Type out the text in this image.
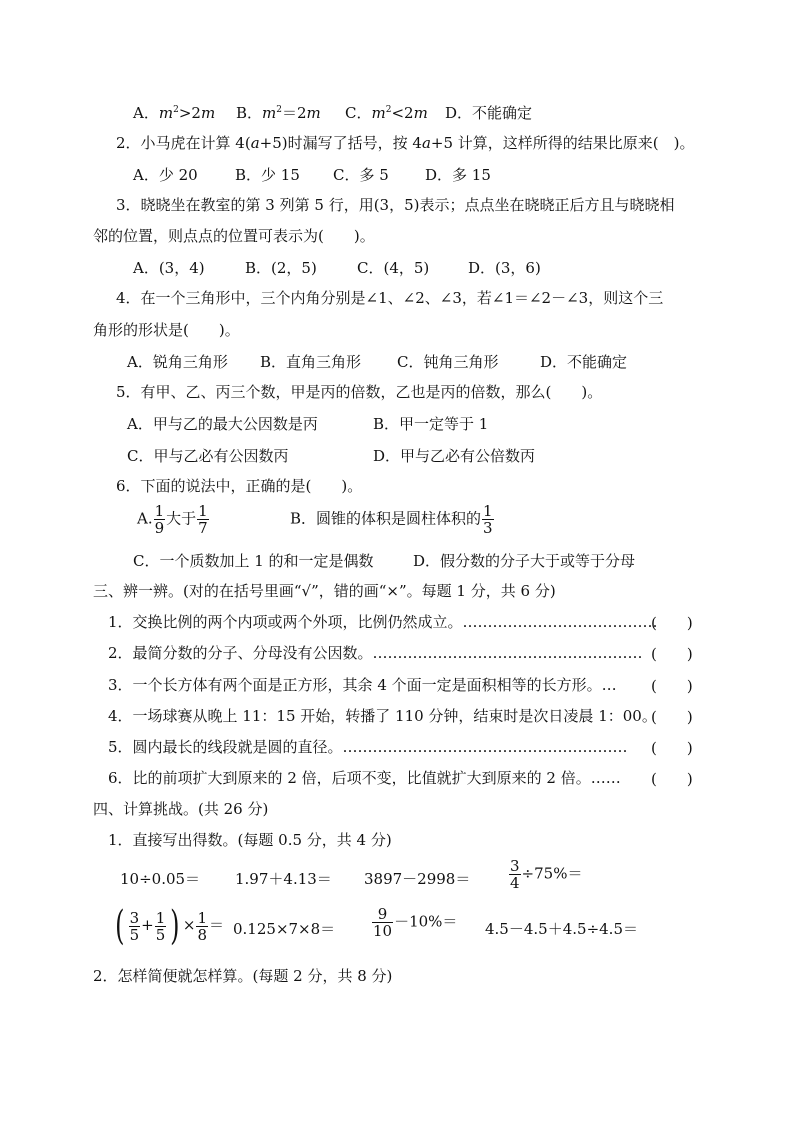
A．$m^2>2m$ B．$m^2=2m$ C．$m^2<2m$ D．不能确定
2．小马虎在计算 4(a+5)时漏写了括号，按 4a+5 计算，这样所得的结果比原来(　)。
A．少 20 B．少 15 C．多 5 D．多 15
3．晓晓坐在教室的第 3 列第 5 行，用(3，5)表示；点点坐在晓晓正后方且与晓晓相
邻的位置，则点点的位置可表示为(　　)。
A．(3，4)	B．(2，5)	C．(4，5)	D．(3，6)
4．在一个三角形中，三个内角分别是∠1、∠2、∠3，若∠1＝∠2－∠3，则这个三
角形的形状是(　　)。
A．锐角三角形 B．直角三角形 C．钝角三角形	D．不能确定
5．有甲、乙、丙三个数，甲是丙的倍数，乙也是丙的倍数，那么(　　)。
A．甲与乙的最大公因数是丙	B．甲一定等于 1
C．甲与乙必有公因数丙	D．甲与乙必有公倍数丙
6．下面的说法中，正确的是(　　)。
A. $\frac{1}{9}$ 大于 $\frac{1}{7}$	B．圆锥的体积是圆柱体积的 $\frac{1}{3}$
C．一个质数加上 1 的和一定是偶数	D．假分数的分子大于或等于分母
三、辨一辨。(对的在括号里画“√”，错的画“×”。每题 1 分，共 6 分)
1．交换比例的两个内项或两个外项，比例仍然成立。…………………………………
(　　)
2．最简分数的分子、分母没有公因数。……………………………………………… (　　)
3．一个长方体有两个面是正方形，其余 4 个面一定是面积相等的长方形。… (　　)
4．一场球赛从晚上 11：15 开始，转播了 110 分钟，结束时是次日凌晨 1：00。
(　　)
5．圆内最长的线段就是圆的直径。………………………………………………… (　　)
6．比的前项扩大到原来的 2 倍，后项不变，比值就扩大到原来的 2 倍。…… (　　)
四、计算挑战。(共 26 分)
1．直接写出得数。(每题 0.5 分，共 4 分)
10÷0.05＝ 1.97＋4.13＝ 3897－2998＝	$\frac{3}{4} \div 75\%=$
( $\frac{3}{5} + \frac{1}{5}$ ) × $\frac{1}{8} = 0.125\times 7\times 8= \frac{9}{10} -10\%= 4.5-4.5+4.5\div 4.5=$
2．怎样简便就怎样算。(每题 2 分，共 8 分)
